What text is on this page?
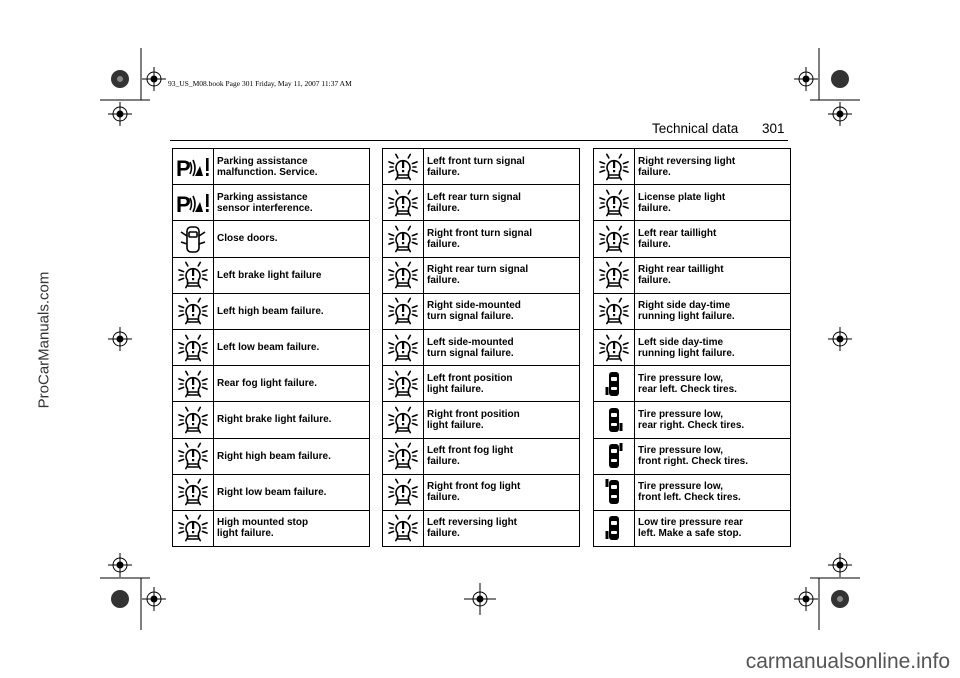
93_US_M08.book Page 301 Friday, May 11, 2007 11:37 AM
Technical data 301
ProCarManuals.com
carmanualsonline.info
P	Parking assistance
malfunction. Service.

P	Parking assistance
sensor interference.

Close doors.

Left brake light failure

Left high beam failure.

Left low beam failure.

Rear fog light failure.

Right brake light failure.

Right high beam failure.

Right low beam failure.

High mounted stop
light failure.

Left front turn signal
failure.

Left rear turn signal
failure.

Right front turn signal
failure.

Right rear turn signal
failure.

Right side-mounted
turn signal failure.

Left side-mounted
turn signal failure.

Left front position
light failure.

Right front position
light failure.

Left front fog light
failure.

Right front fog light
failure.

Left reversing light
failure.

Right reversing light
failure.

License plate light
failure.

Left rear taillight
failure.

Right rear taillight
failure.

Right side day-time
running light failure.

Left side day-time
running light failure.

Tire pressure low,
rear left. Check tires.

Tire pressure low,
rear right. Check tires.

Tire pressure low,
front right. Check tires.

Tire pressure low,
front left. Check tires.

Low tire pressure rear
left. Make a safe stop.
